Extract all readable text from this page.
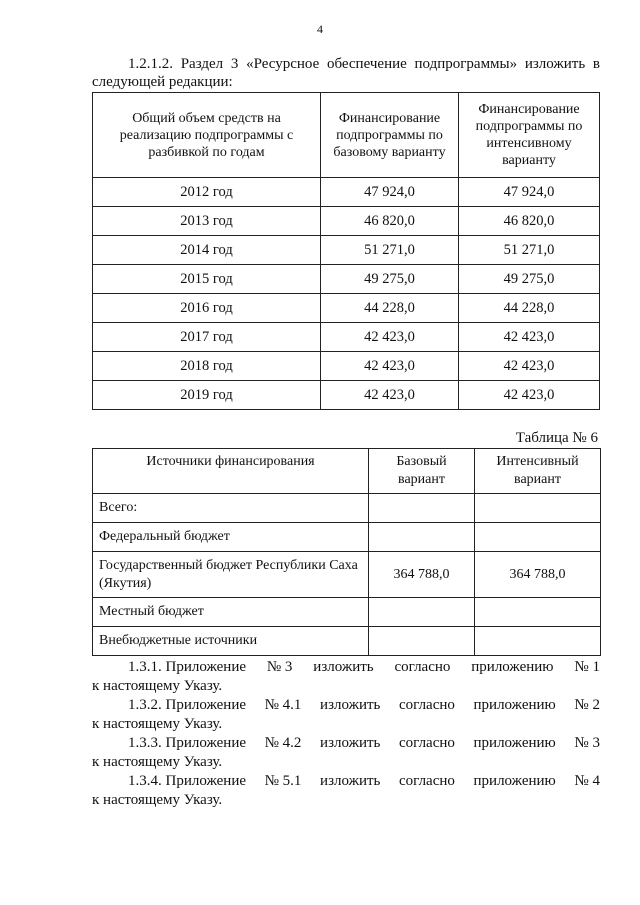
4
1.2.1.2. Раздел 3 «Ресурсное обеспечение подпрограммы» изложить в
следующей редакции:
Общий объем средств на реализацию подпрограммы с разбивкой по годам	Финансирование подпрограммы по базовому варианту	Финансирование подпрограммы по интенсивному варианту
2012 год	47 924,0	47 924,0
2013 год	46 820,0	46 820,0
2014 год	51 271,0	51 271,0
2015 год	49 275,0	49 275,0
2016 год	44 228,0	44 228,0
2017 год	42 423,0	42 423,0
2018 год	42 423,0	42 423,0
2019 год	42 423,0	42 423,0
Таблица № 6
Источники финансирования	Базовый вариант	Интенсивный вариант
Всего:		
Федеральный бюджет		
Государственный бюджет Республики Саха (Якутия)	364 788,0	364 788,0
Местный бюджет		
Внебюджетные источники		
1.3.1. Приложение № 3 изложить согласно приложению № 1
к настоящему Указу.
1.3.2. Приложение № 4.1 изложить согласно приложению № 2
к настоящему Указу.
1.3.3. Приложение № 4.2 изложить согласно приложению № 3
к настоящему Указу.
1.3.4. Приложение № 5.1 изложить согласно приложению № 4
к настоящему Указу.
